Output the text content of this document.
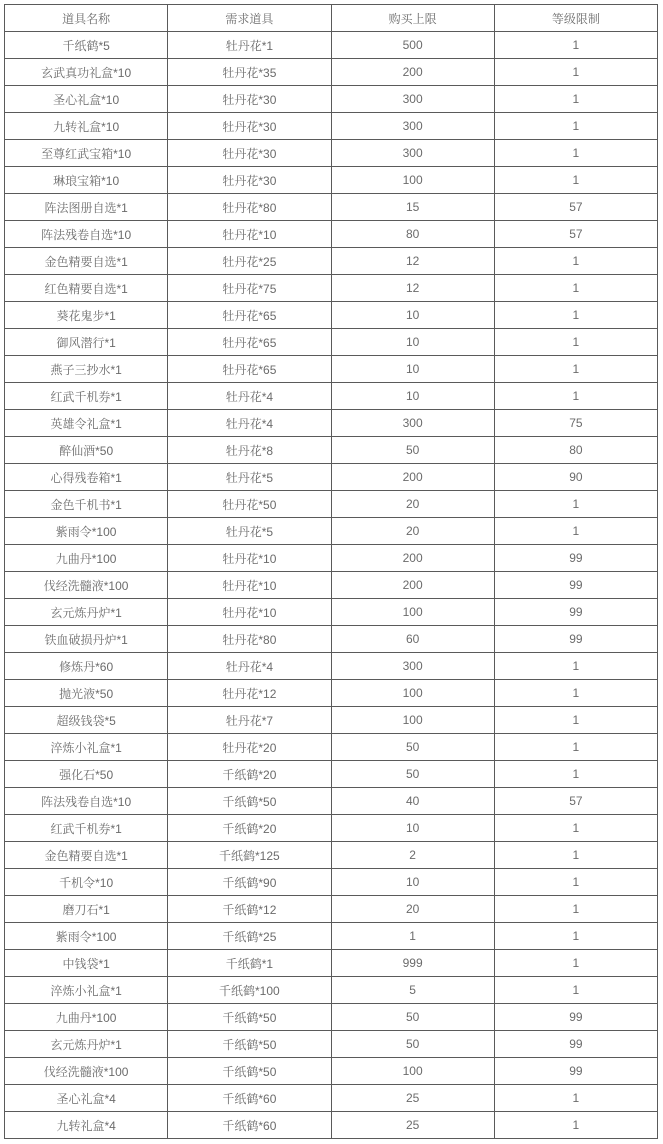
道具名称	需求道具	购买上限	等级限制
千纸鹤*5	牡丹花*1	500	1
玄武真功礼盒*10	牡丹花*35	200	1
圣心礼盒*10	牡丹花*30	300	1
九转礼盒*10	牡丹花*30	300	1
至尊红武宝箱*10	牡丹花*30	300	1
琳琅宝箱*10	牡丹花*30	100	1
阵法图册自选*1	牡丹花*80	15	57
阵法残卷自选*10	牡丹花*10	80	57
金色精要自选*1	牡丹花*25	12	1
红色精要自选*1	牡丹花*75	12	1
葵花鬼步*1	牡丹花*65	10	1
御风潜行*1	牡丹花*65	10	1
燕子三抄水*1	牡丹花*65	10	1
红武千机券*1	牡丹花*4	10	1
英雄令礼盒*1	牡丹花*4	300	75
醉仙酒*50	牡丹花*8	50	80
心得残卷箱*1	牡丹花*5	200	90
金色千机书*1	牡丹花*50	20	1
紫雨令*100	牡丹花*5	20	1
九曲丹*100	牡丹花*10	200	99
伐经洗髓液*100	牡丹花*10	200	99
玄元炼丹炉*1	牡丹花*10	100	99
铁血破损丹炉*1	牡丹花*80	60	99
修炼丹*60	牡丹花*4	300	1
抛光液*50	牡丹花*12	100	1
超级钱袋*5	牡丹花*7	100	1
淬炼小礼盒*1	牡丹花*20	50	1
强化石*50	千纸鹤*20	50	1
阵法残卷自选*10	千纸鹤*50	40	57
红武千机券*1	千纸鹤*20	10	1
金色精要自选*1	千纸鹤*125	2	1
千机令*10	千纸鹤*90	10	1
磨刀石*1	千纸鹤*12	20	1
紫雨令*100	千纸鹤*25	1	1
中钱袋*1	千纸鹤*1	999	1
淬炼小礼盒*1	千纸鹤*100	5	1
九曲丹*100	千纸鹤*50	50	99
玄元炼丹炉*1	千纸鹤*50	50	99
伐经洗髓液*100	千纸鹤*50	100	99
圣心礼盒*4	千纸鹤*60	25	1
九转礼盒*4	千纸鹤*60	25	1
